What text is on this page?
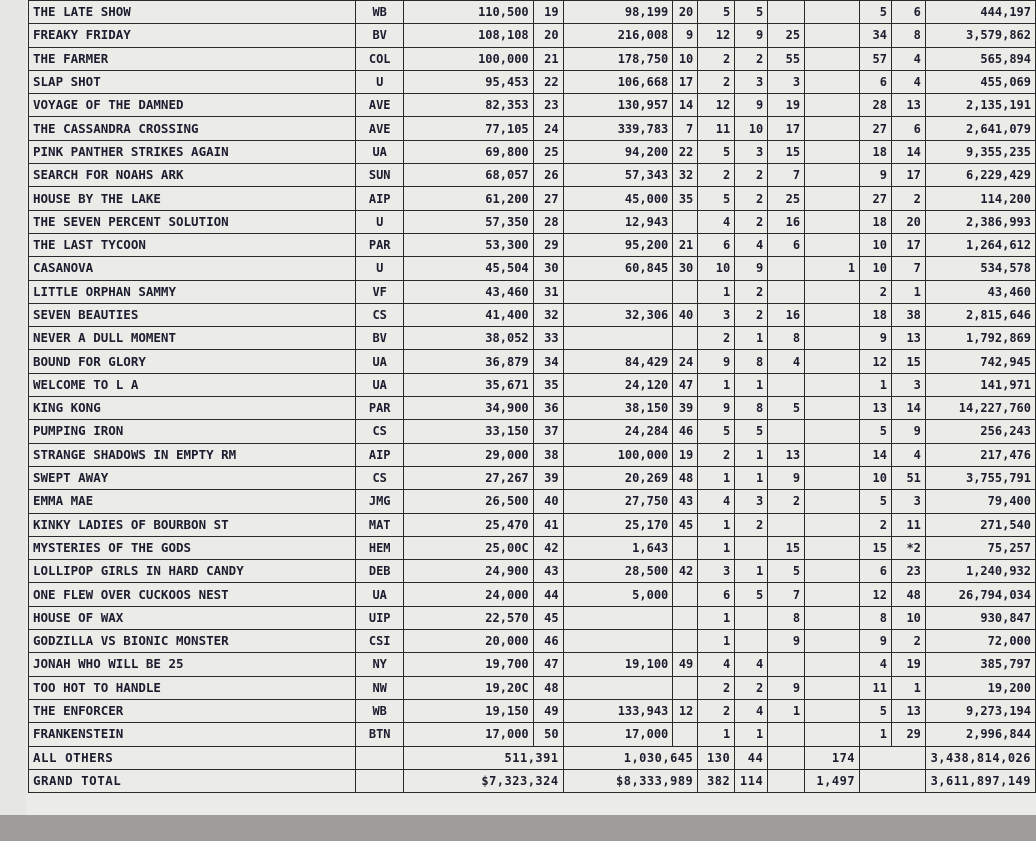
THE LATE SHOW	WB	110,500	19	98,199	20	5	5			5	6	444,197
FREAKY FRIDAY	BV	108,108	20	216,008	9	12	9	25		34	8	3,579,862
THE FARMER	COL	100,000	21	178,750	10	2	2	55		57	4	565,894
SLAP SHOT	U	95,453	22	106,668	17	2	3	3		6	4	455,069
VOYAGE OF THE DAMNED	AVE	82,353	23	130,957	14	12	9	19		28	13	2,135,191
THE CASSANDRA CROSSING	AVE	77,105	24	339,783	7	11	10	17		27	6	2,641,079
PINK PANTHER STRIKES AGAIN	UA	69,800	25	94,200	22	5	3	15		18	14	9,355,235
SEARCH FOR NOAHS ARK	SUN	68,057	26	57,343	32	2	2	7		9	17	6,229,429
HOUSE BY THE LAKE	AIP	61,200	27	45,000	35	5	2	25		27	2	114,200
THE SEVEN PERCENT SOLUTION	U	57,350	28	12,943		4	2	16		18	20	2,386,993
THE LAST TYCOON	PAR	53,300	29	95,200	21	6	4	6		10	17	1,264,612
CASANOVA	U	45,504	30	60,845	30	10	9		1	10	7	534,578
LITTLE ORPHAN SAMMY	VF	43,460	31			1	2			2	1	43,460
SEVEN BEAUTIES	CS	41,400	32	32,306	40	3	2	16		18	38	2,815,646
NEVER A DULL MOMENT	BV	38,052	33			2	1	8		9	13	1,792,869
BOUND FOR GLORY	UA	36,879	34	84,429	24	9	8	4		12	15	742,945
WELCOME TO L A	UA	35,671	35	24,120	47	1	1			1	3	141,971
KING KONG	PAR	34,900	36	38,150	39	9	8	5		13	14	14,227,760
PUMPING IRON	CS	33,150	37	24,284	46	5	5			5	9	256,243
STRANGE SHADOWS IN EMPTY RM	AIP	29,000	38	100,000	19	2	1	13		14	4	217,476
SWEPT AWAY	CS	27,267	39	20,269	48	1	1	9		10	51	3,755,791
EMMA MAE	JMG	26,500	40	27,750	43	4	3	2		5	3	79,400
KINKY LADIES OF BOURBON ST	MAT	25,470	41	25,170	45	1	2			2	11	271,540
MYSTERIES OF THE GODS	HEM	25,00C	42	1,643		1		15		15	*2	75,257
LOLLIPOP GIRLS IN HARD CANDY	DEB	24,900	43	28,500	42	3	1	5		6	23	1,240,932
ONE FLEW OVER CUCKOOS NEST	UA	24,000	44	5,000		6	5	7		12	48	26,794,034
HOUSE OF WAX	UIP	22,570	45			1		8		8	10	930,847
GODZILLA VS BIONIC MONSTER	CSI	20,000	46			1		9		9	2	72,000
JONAH WHO WILL BE 25	NY	19,700	47	19,100	49	4	4			4	19	385,797
TOO HOT TO HANDLE	NW	19,20C	48			2	2	9		11	1	19,200
THE ENFORCER	WB	19,150	49	133,943	12	2	4	1		5	13	9,273,194
FRANKENSTEIN	BTN	17,000	50	17,000		1	1			1	29	2,996,844
ALL OTHERS		511,391		1,030,645		130	44		174			3,438,814,026
GRAND TOTAL		$7,323,324		$8,333,989		382	114		1,497			3,611,897,149
